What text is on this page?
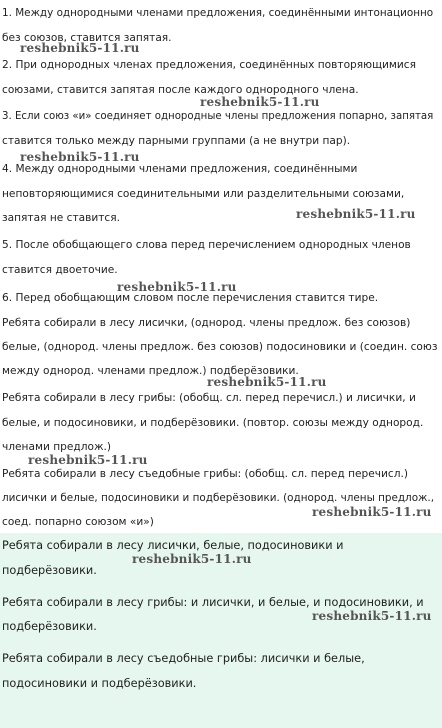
1. Между однородными членами предложения, соединёнными интонационно
без союзов, ставится запятая.
2. При однородных членах предложения, соединённых повторяющимися
союзами, ставится запятая после каждого однородного члена.
3. Если союз «и» соединяет однородные члены предложения попарно, запятая
ставится только между парными группами (а не внутри пар).
4. Между однородными членами предложения, соединёнными
неповторяющимися соединительными или разделительными союзами,
запятая не ставится.
5. После обобщающего слова перед перечислением однородных членов
ставится двоеточие.
6. Перед обобщающим словом после перечисления ставится тире.
Ребята собирали в лесу лисички, (однород. члены предлож. без союзов)
белые, (однород. члены предлож. без союзов) подосиновики и (соедин. союз
между однород. членами предлож.) подберёзовики.
Ребята собирали в лесу грибы: (обобщ. сл. перед перечисл.) и лисички, и
белые, и подосиновики, и подберёзовики. (повтор. союзы между однород.
членами предлож.)
Ребята собирали в лесу съедобные грибы: (обобщ. сл. перед перечисл.)
лисички и белые, подосиновики и подберёзовики. (однород. члены предлож.,
соед. попарно союзом «и»)
Ребята собирали в лесу лисички, белые, подосиновики и
подберёзовики.
Ребята собирали в лесу грибы: и лисички, и белые, и подосиновики, и
подберёзовики.
Ребята собирали в лесу съедобные грибы: лисички и белые,
подосиновики и подберёзовики.
reshebnik5-11.ru
reshebnik5-11.ru
reshebnik5-11.ru
reshebnik5-11.ru
reshebnik5-11.ru
reshebnik5-11.ru
reshebnik5-11.ru
reshebnik5-11.ru
reshebnik5-11.ru
reshebnik5-11.ru
